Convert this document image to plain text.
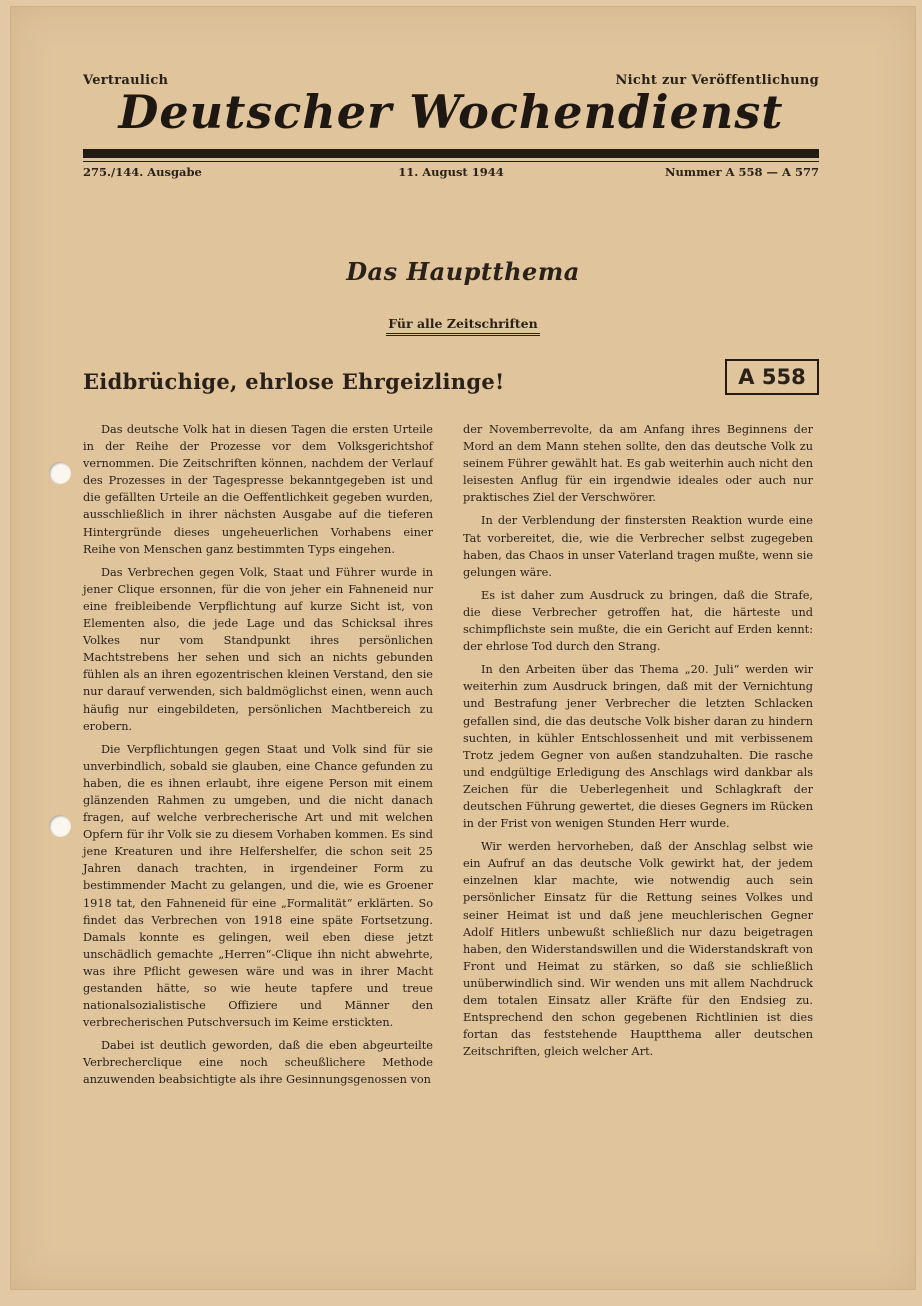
Vertraulich	Nicht zur Veröffentlichung
Deutscher Wochendienst
275./144. Ausgabe	11. August 1944	Nummer A 558 — A 577
Das Hauptthema
Für alle Zeitschriften
Eidbrüchige, ehrlose Ehrgeizlinge!	A 558

Das deutsche Volk hat in diesen Tagen die ersten Urteile in der Reihe der Prozesse vor dem Volksgerichtshof vernommen. Die Zeitschriften können, nachdem der Verlauf des Prozesses in der Tagespresse bekanntgegeben ist und die gefällten Urteile an die Oeffentlichkeit gegeben wurden, ausschließlich in ihrer nächsten Ausgabe auf die tieferen Hintergründe dieses ungeheuerlichen Vorhabens einer Reihe von Menschen ganz bestimmten Typs eingehen.

Das Verbrechen gegen Volk, Staat und Führer wurde in jener Clique ersonnen, für die von jeher ein Fahneneid nur eine freibleibende Verpflichtung auf kurze Sicht ist, von Elementen also, die jede Lage und das Schicksal ihres Volkes nur vom Standpunkt ihres persönlichen Machtstrebens her sehen und sich an nichts gebunden fühlen als an ihren egozentrischen kleinen Verstand, den sie nur darauf verwenden, sich baldmöglichst einen, wenn auch häufig nur eingebildeten, persönlichen Machtbereich zu erobern.

Die Verpflichtungen gegen Staat und Volk sind für sie unverbindlich, sobald sie glauben, eine Chance gefunden zu haben, die es ihnen erlaubt, ihre eigene Person mit einem glänzenden Rahmen zu umgeben, und die nicht danach fragen, auf welche verbrecherische Art und mit welchen Opfern für ihr Volk sie zu diesem Vorhaben kommen. Es sind jene Kreaturen und ihre Helfershelfer, die schon seit 25 Jahren danach trachten, in irgendeiner Form zu bestimmender Macht zu gelangen, und die, wie es Groener 1918 tat, den Fahneneid für eine „Formalität“ erklärten. So findet das Verbrechen von 1918 eine späte Fortsetzung. Damals konnte es gelingen, weil eben diese jetzt unschädlich gemachte „Herren“-Clique ihn nicht abwehrte, was ihre Pflicht gewesen wäre und was in ihrer Macht gestanden hätte, so wie heute tapfere und treue nationalsozialistische Offiziere und Männer den verbrecherischen Putschversuch im Keime erstickten.

Dabei ist deutlich geworden, daß die eben abgeurteilte Verbrecherclique eine noch scheußlichere Methode anzuwenden beabsichtigte als ihre Gesinnungsgenossen von

der Novemberrevolte, da am Anfang ihres Beginnens der Mord an dem Mann stehen sollte, den das deutsche Volk zu seinem Führer gewählt hat. Es gab weiterhin auch nicht den leisesten Anflug für ein irgendwie ideales oder auch nur praktisches Ziel der Verschwörer.

In der Verblendung der finstersten Reaktion wurde eine Tat vorbereitet, die, wie die Verbrecher selbst zugegeben haben, das Chaos in unser Vaterland tragen mußte, wenn sie gelungen wäre.

Es ist daher zum Ausdruck zu bringen, daß die Strafe, die diese Verbrecher getroffen hat, die härteste und schimpflichste sein mußte, die ein Gericht auf Erden kennt: der ehrlose Tod durch den Strang.

In den Arbeiten über das Thema „20. Juli“ werden wir weiterhin zum Ausdruck bringen, daß mit der Vernichtung und Bestrafung jener Verbrecher die letzten Schlacken gefallen sind, die das deutsche Volk bisher daran zu hindern suchten, in kühler Entschlossenheit und mit verbissenem Trotz jedem Gegner von außen standzuhalten. Die rasche und endgültige Erledigung des Anschlags wird dankbar als Zeichen für die Ueberlegenheit und Schlagkraft der deutschen Führung gewertet, die dieses Gegners im Rücken in der Frist von wenigen Stunden Herr wurde.

Wir werden hervorheben, daß der Anschlag selbst wie ein Aufruf an das deutsche Volk gewirkt hat, der jedem einzelnen klar machte, wie notwendig auch sein persönlicher Einsatz für die Rettung seines Volkes und seiner Heimat ist und daß jene meuchlerischen Gegner Adolf Hitlers unbewußt schließlich nur dazu beigetragen haben, den Widerstandswillen und die Widerstandskraft von Front und Heimat zu stärken, so daß sie schließlich unüberwindlich sind. Wir wenden uns mit allem Nachdruck dem totalen Einsatz aller Kräfte für den Endsieg zu. Entsprechend den schon gegebenen Richtlinien ist dies fortan das feststehende Hauptthema aller deutschen Zeitschriften, gleich welcher Art.
